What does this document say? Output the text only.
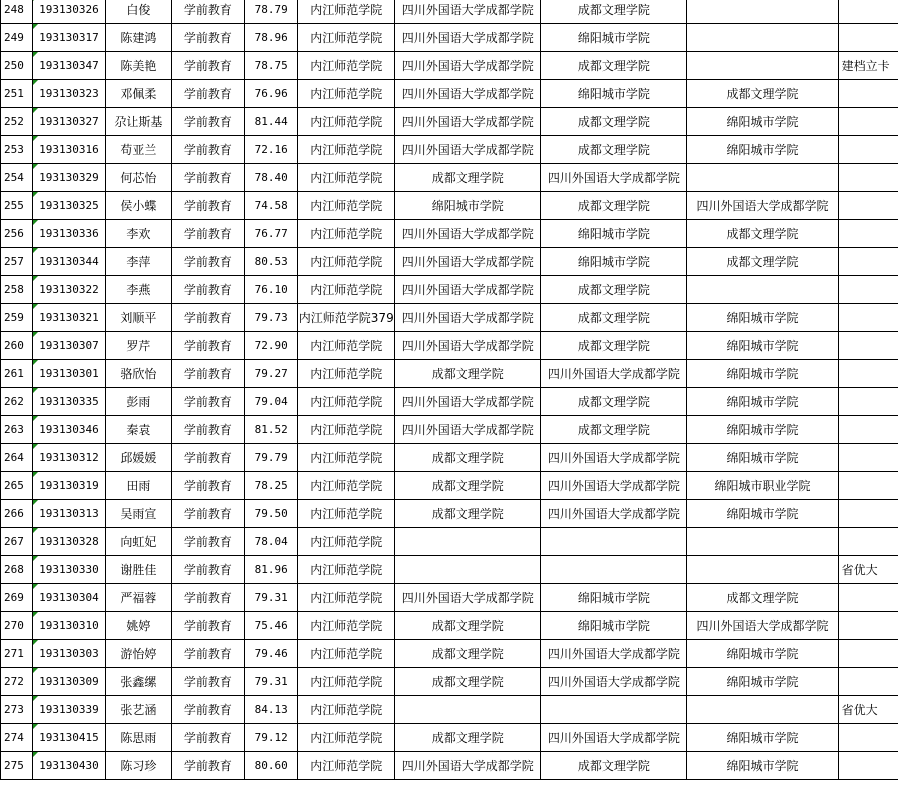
248	193130326	白俊	学前教育	78.79	内江师范学院	四川外国语大学成都学院	成都文理学院		
249	193130317	陈建鸿	学前教育	78.96	内江师范学院	四川外国语大学成都学院	绵阳城市学院		
250	193130347	陈美艳	学前教育	78.75	内江师范学院	四川外国语大学成都学院	成都文理学院		建档立卡
251	193130323	邓佩柔	学前教育	76.96	内江师范学院	四川外国语大学成都学院	绵阳城市学院	成都文理学院	
252	193130327	尕让斯基	学前教育	81.44	内江师范学院	四川外国语大学成都学院	成都文理学院	绵阳城市学院	
253	193130316	苟亚兰	学前教育	72.16	内江师范学院	四川外国语大学成都学院	成都文理学院	绵阳城市学院	
254	193130329	何芯怡	学前教育	78.40	内江师范学院	成都文理学院	四川外国语大学成都学院		
255	193130325	侯小蝶	学前教育	74.58	内江师范学院	绵阳城市学院	成都文理学院	四川外国语大学成都学院	
256	193130336	李欢	学前教育	76.77	内江师范学院	四川外国语大学成都学院	绵阳城市学院	成都文理学院	
257	193130344	李萍	学前教育	80.53	内江师范学院	四川外国语大学成都学院	绵阳城市学院	成都文理学院	
258	193130322	李燕	学前教育	76.10	内江师范学院	四川外国语大学成都学院	成都文理学院		
259	193130321	刘顺平	学前教育	79.73	内江师范学院379	四川外国语大学成都学院	成都文理学院	绵阳城市学院	
260	193130307	罗芹	学前教育	72.90	内江师范学院	四川外国语大学成都学院	成都文理学院	绵阳城市学院	
261	193130301	骆欣怡	学前教育	79.27	内江师范学院	成都文理学院	四川外国语大学成都学院	绵阳城市学院	
262	193130335	彭雨	学前教育	79.04	内江师范学院	四川外国语大学成都学院	成都文理学院	绵阳城市学院	
263	193130346	秦袁	学前教育	81.52	内江师范学院	四川外国语大学成都学院	成都文理学院	绵阳城市学院	
264	193130312	邱媛媛	学前教育	79.79	内江师范学院	成都文理学院	四川外国语大学成都学院	绵阳城市学院	
265	193130319	田雨	学前教育	78.25	内江师范学院	成都文理学院	四川外国语大学成都学院	绵阳城市职业学院	
266	193130313	吴雨宣	学前教育	79.50	内江师范学院	成都文理学院	四川外国语大学成都学院	绵阳城市学院	
267	193130328	向虹妃	学前教育	78.04	内江师范学院				
268	193130330	谢胜佳	学前教育	81.96	内江师范学院				省优大
269	193130304	严福蓉	学前教育	79.31	内江师范学院	四川外国语大学成都学院	绵阳城市学院	成都文理学院	
270	193130310	姚婷	学前教育	75.46	内江师范学院	成都文理学院	绵阳城市学院	四川外国语大学成都学院	
271	193130303	游怡婷	学前教育	79.46	内江师范学院	成都文理学院	四川外国语大学成都学院	绵阳城市学院	
272	193130309	张鑫缧	学前教育	79.31	内江师范学院	成都文理学院	四川外国语大学成都学院	绵阳城市学院	
273	193130339	张艺涵	学前教育	84.13	内江师范学院				省优大
274	193130415	陈思雨	学前教育	79.12	内江师范学院	成都文理学院	四川外国语大学成都学院	绵阳城市学院	
275	193130430	陈习珍	学前教育	80.60	内江师范学院	四川外国语大学成都学院	成都文理学院	绵阳城市学院	
